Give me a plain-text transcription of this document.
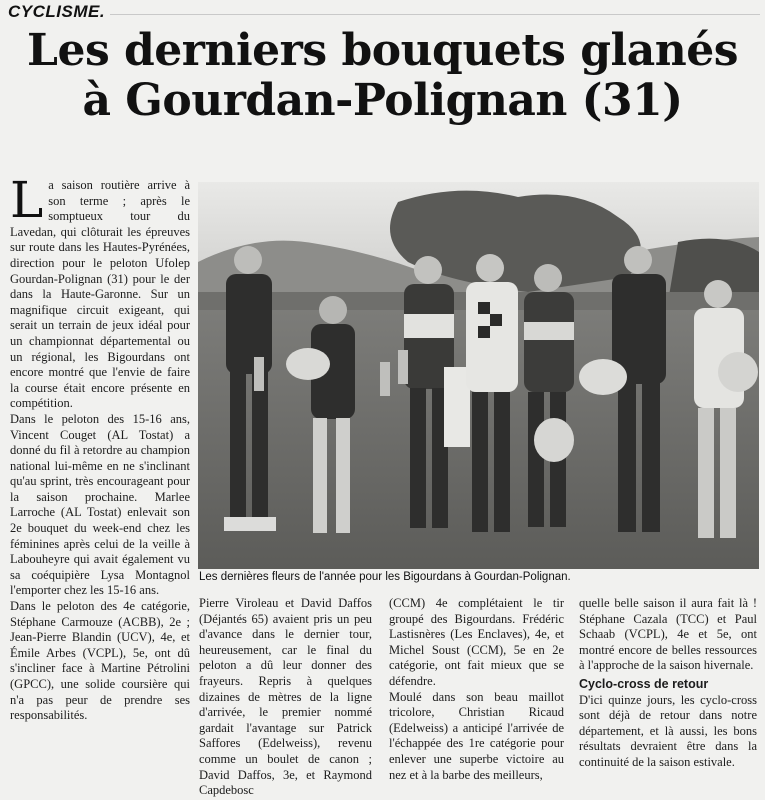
CYCLISME.
Les derniers bouquets glanés
à Gourdan-Polignan (31)
L a saison routière arrive à son terme ; après le somptueux tour du Lavedan, qui clôturait les épreuves sur route dans les Hautes-Pyrénées, direction pour le peloton Ufolep Gourdan-Polignan (31) pour le der dans la Haute-Garonne. Sur un magnifique circuit exigeant, qui serait un terrain de jeux idéal pour un championnat départemental ou un régional, les Bigourdans ont encore montré que l'envie de faire la course était encore présente en compétition.

Dans le peloton des 15-16 ans, Vincent Couget (AL Tostat) a donné du fil à retordre au champion national lui-même en ne s'inclinant qu'au sprint, très encourageant pour la saison prochaine. Marlee Larroche (AL Tostat) enlevait son 2e bouquet du week-end chez les féminines après celui de la veille à Labouheyre qui avait également vu sa coéquipière Lysa Montagnol l'emporter chez les 15-16 ans.

Dans le peloton des 4e catégorie, Stéphane Carmouze (ACBB), 2e ; Jean-Pierre Blandin (UCV), 4e, et Émile Arbes (VCPL), 5e, ont dû s'incliner face à Martine Pétrolini (GPCC), une solide coursière qui n'a pas peur de prendre ses responsabilités.

Les dernières fleurs de l'année pour les Bigourdans à Gourdan-Polignan.

Pierre Viroleau et David Daffos (Déjantés 65) avaient pris un peu d'avance dans le dernier tour, heureusement, car le final du peloton a dû leur donner des frayeurs. Repris à quelques dizaines de mètres de la ligne d'arrivée, le premier nommé gardait l'avantage sur Patrick Saffores (Edelweiss), revenu comme un boulet de canon ; David Daffos, 3e, et Raymond Capdebosc

(CCM) 4e complétaient le tir groupé des Bigourdans. Frédéric Lastisnères (Les Enclaves), 4e, et Michel Soust (CCM), 5e en 2e catégorie, ont fait mieux que se défendre.

Moulé dans son beau maillot tricolore, Christian Ricaud (Edelweiss) a anticipé l'arrivée de l'échappée des 1re catégorie pour enlever une superbe victoire au nez et à la barbe des meilleurs,

quelle belle saison il aura fait là ! Stéphane Cazala (TCC) et Paul Schaab (VCPL), 4e et 5e, ont montré encore de belles ressources à l'approche de la saison hivernale.

Cyclo-cross de retour

D'ici quinze jours, les cyclo-cross sont déjà de retour dans notre département, et là aussi, les bons résultats devraient être dans la continuité de la saison estivale.
